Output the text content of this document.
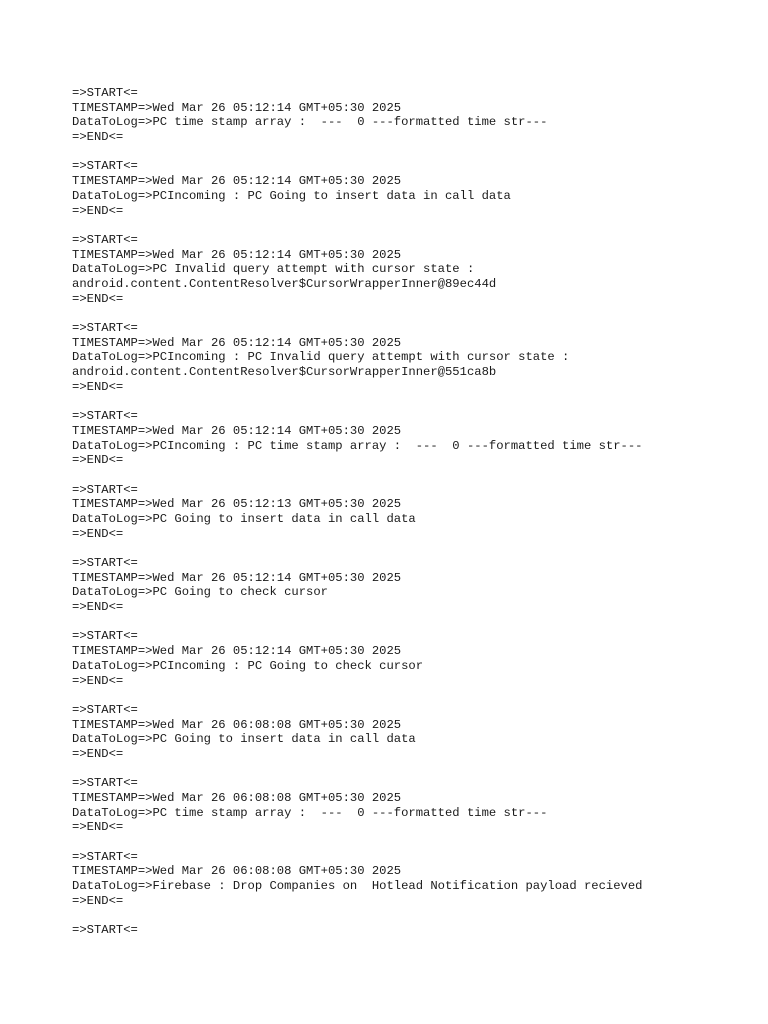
=>START<=
TIMESTAMP=>Wed Mar 26 05:12:14 GMT+05:30 2025
DataToLog=>PC time stamp array :  ---  0 ---formatted time str---
=>END<=
=>START<=
TIMESTAMP=>Wed Mar 26 05:12:14 GMT+05:30 2025
DataToLog=>PCIncoming : PC Going to insert data in call data
=>END<=
=>START<=
TIMESTAMP=>Wed Mar 26 05:12:14 GMT+05:30 2025
DataToLog=>PC Invalid query attempt with cursor state :
android.content.ContentResolver$CursorWrapperInner@89ec44d
=>END<=
=>START<=
TIMESTAMP=>Wed Mar 26 05:12:14 GMT+05:30 2025
DataToLog=>PCIncoming : PC Invalid query attempt with cursor state :
android.content.ContentResolver$CursorWrapperInner@551ca8b
=>END<=
=>START<=
TIMESTAMP=>Wed Mar 26 05:12:14 GMT+05:30 2025
DataToLog=>PCIncoming : PC time stamp array :  ---  0 ---formatted time str---
=>END<=
=>START<=
TIMESTAMP=>Wed Mar 26 05:12:13 GMT+05:30 2025
DataToLog=>PC Going to insert data in call data
=>END<=
=>START<=
TIMESTAMP=>Wed Mar 26 05:12:14 GMT+05:30 2025
DataToLog=>PC Going to check cursor
=>END<=
=>START<=
TIMESTAMP=>Wed Mar 26 05:12:14 GMT+05:30 2025
DataToLog=>PCIncoming : PC Going to check cursor
=>END<=
=>START<=
TIMESTAMP=>Wed Mar 26 06:08:08 GMT+05:30 2025
DataToLog=>PC Going to insert data in call data
=>END<=
=>START<=
TIMESTAMP=>Wed Mar 26 06:08:08 GMT+05:30 2025
DataToLog=>PC time stamp array :  ---  0 ---formatted time str---
=>END<=
=>START<=
TIMESTAMP=>Wed Mar 26 06:08:08 GMT+05:30 2025
DataToLog=>Firebase : Drop Companies on  Hotlead Notification payload recieved
=>END<=
=>START<=
